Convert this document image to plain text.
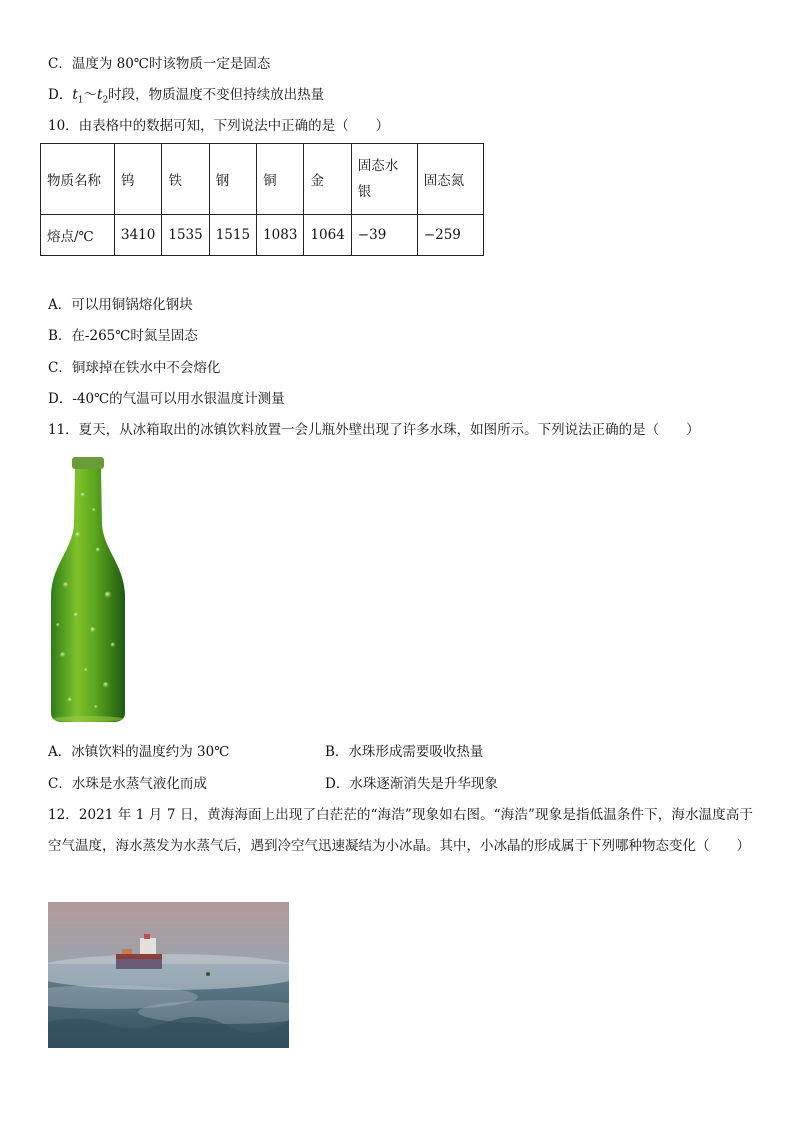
C．温度为 80℃时该物质一定是固态
D．$t_1\sim t_2$时段，物质温度不变但持续放出热量
10．由表格中的数据可知，下列说法中正确的是（　　）
物质名称	钨	铁	钢	铜	金	固态水银	固态氮
熔点/℃	3410	1535	1515	1083	1064	−39	−259
A．可以用铜锅熔化钢块
B．在-265℃时氮呈固态
C．铜球掉在铁水中不会熔化
D．-40℃的气温可以用水银温度计测量
11．夏天，从冰箱取出的冰镇饮料放置一会儿瓶外壁出现了许多水珠，如图所示。下列说法正确的是（　　）
A．冰镇饮料的温度约为 30℃	B．水珠形成需要吸收热量
C．水珠是水蒸气液化而成	D．水珠逐渐消失是升华现象
12．2021 年 1 月 7 日，黄海海面上出现了白茫茫的“海浩”现象如右图。“海浩”现象是指低温条件下，海水温度高于空气温度，海水蒸发为水蒸气后，遇到冷空气迅速凝结为小冰晶。其中，小冰晶的形成属于下列哪种物态变化（　　）
